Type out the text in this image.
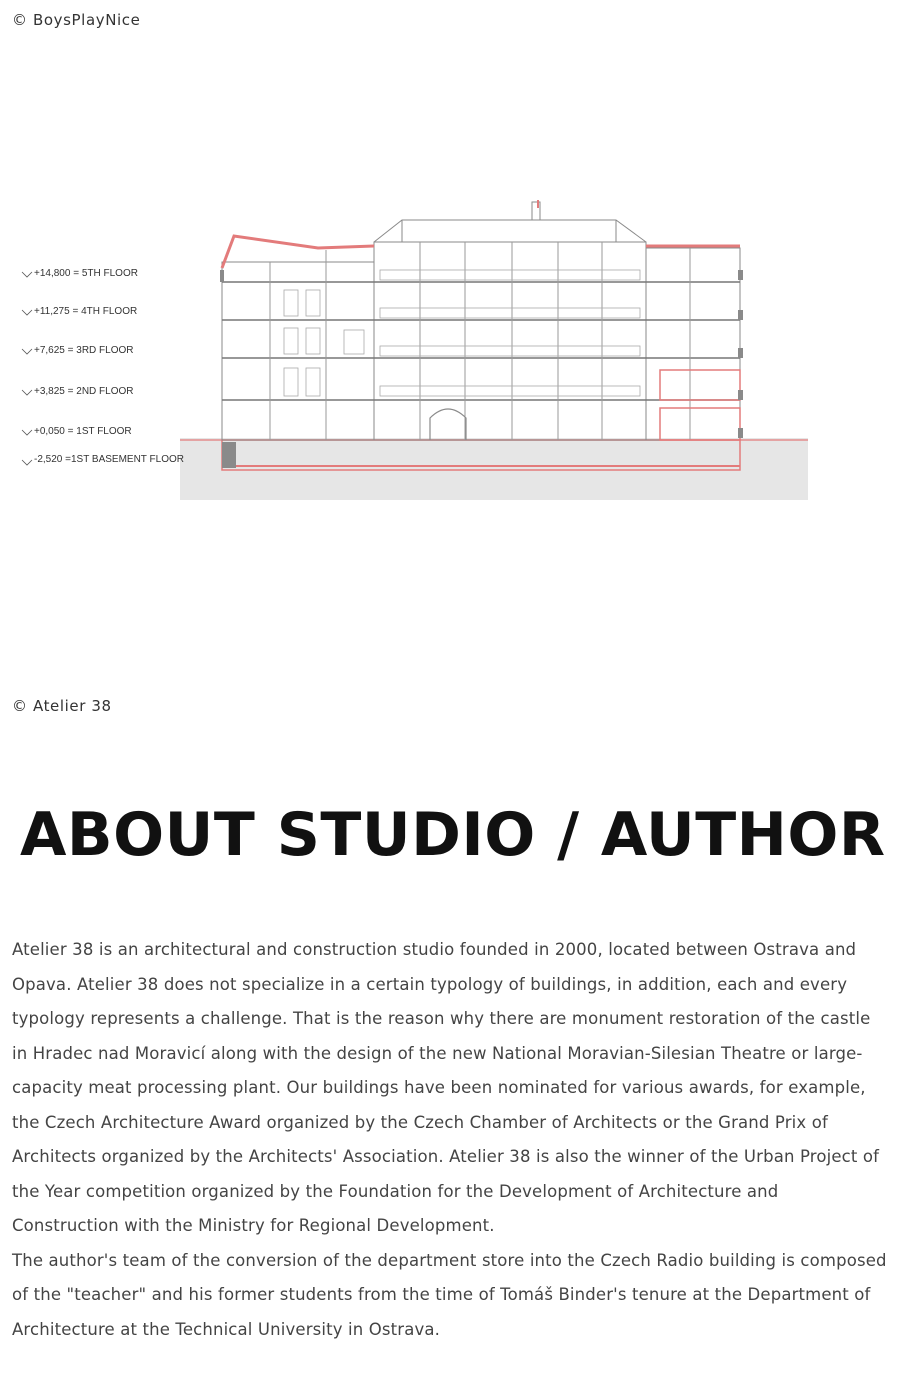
© BoysPlayNice

+14,800 = 5TH FLOOR
+11,275 = 4TH FLOOR
+7,625 = 3RD FLOOR
+3,825 = 2ND FLOOR
+0,050 = 1ST FLOOR
-2,520 =1ST BASEMENT FLOOR

© Atelier 38

ABOUT STUDIO / AUTHOR

Atelier 38 is an architectural and construction studio founded in 2000, located between Ostrava and Opava. Atelier 38 does not specialize in a certain typology of buildings, in addition, each and every typology represents a challenge. That is the reason why there are monument restoration of the castle in Hradec nad Moravicí along with the design of the new National Moravian-Silesian Theatre or large-capacity meat processing plant. Our buildings have been nominated for various awards, for example, the Czech Architecture Award organized by the Czech Chamber of Architects or the Grand Prix of Architects organized by the Architects' Association. Atelier 38 is also the winner of the Urban Project of the Year competition organized by the Foundation for the Development of Architecture and Construction with the Ministry for Regional Development.

The author's team of the conversion of the department store into the Czech Radio building is composed of the "teacher" and his former students from the time of Tomáš Binder's tenure at the Department of Architecture at the Technical University in Ostrava.
